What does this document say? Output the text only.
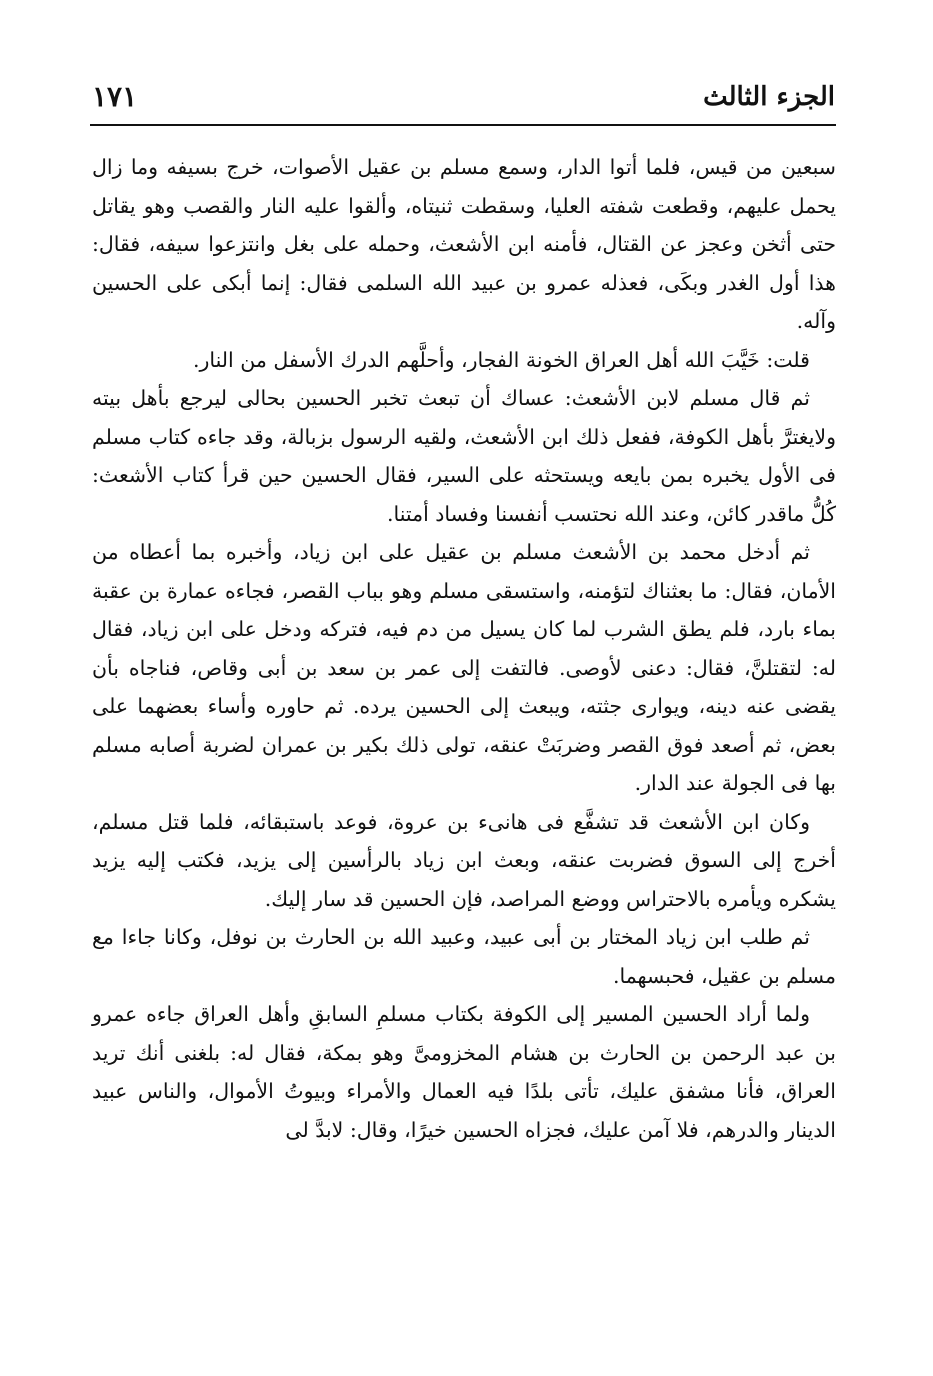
الجزء الثالث
١٧١

سبعين من قيس، فلما أتوا الدار، وسمع مسلم بن عقيل الأصوات، خرج بسيفه وما زال يحمل عليهم، وقطعت شفته العليا، وسقطت ثنيتاه، وألقوا عليه النار والقصب وهو يقاتل حتى أثخن وعجز عن القتال، فأمنه ابن الأشعث، وحمله على بغل وانتزعوا سيفه، فقال: هذا أول الغدر وبكَى، فعذله عمرو بن عبيد الله السلمى فقال: إنما أبكى على الحسين وآله.

قلت: خَيَّبَ الله أهل العراق الخونة الفجار، وأحلَّهم الدرك الأسفل من النار.

ثم قال مسلم لابن الأشعث: عساك أن تبعث تخبر الحسين بحالى ليرجع بأهل بيته ولايغترَّ بأهل الكوفة، ففعل ذلك ابن الأشعث، ولقيه الرسول بزبالة، وقد جاءه كتاب مسلم فى الأول يخبره بمن بايعه ويستحثه على السير، فقال الحسين حين قرأ كتاب الأشعث: كُلُّ ماقدر كائن، وعند الله نحتسب أنفسنا وفساد أمتنا.

ثم أدخل محمد بن الأشعث مسلم بن عقيل على ابن زياد، وأخبره بما أعطاه من الأمان، فقال: ما بعثناك لتؤمنه، واستسقى مسلم وهو بباب القصر، فجاءه عمارة بن عقبة بماء بارد، فلم يطق الشرب لما كان يسيل من دم فيه، فتركه ودخل على ابن زياد، فقال له: لتقتلنَّ، فقال: دعنى لأوصى. فالتفت إلى عمر بن سعد بن أبى وقاص، فناجاه بأن يقضى عنه دينه، ويوارى جثته، ويبعث إلى الحسين يرده. ثم حاوره وأساء بعضهما على بعض، ثم أصعد فوق القصر وضربَتْ عنقه، تولى ذلك بكير بن عمران لضربة أصابه مسلم بها فى الجولة عند الدار.

وكان ابن الأشعث قد تشفَّع فى هانىء بن عروة، فوعد باستبقائه، فلما قتل مسلم، أخرج إلى السوق فضربت عنقه، وبعث ابن زياد بالرأسين إلى يزيد، فكتب إليه يزيد يشكره ويأمره بالاحتراس ووضع المراصد، فإن الحسين قد سار إليك.

ثم طلب ابن زياد المختار بن أبى عبيد، وعبيد الله بن الحارث بن نوفل، وكانا جاءا مع مسلم بن عقيل، فحبسهما.

ولما أراد الحسين المسير إلى الكوفة بكتاب مسلمِ السابقِ وأهل العراق جاءه عمرو بن عبد الرحمن بن الحارث بن هشام المخزومىَّ وهو بمكة، فقال له: بلغنى أنك تريد العراق، فأنا مشفق عليك، تأتى بلدًا فيه العمال والأمراء وبيوتُ الأموال، والناس عبيد الدينار والدرهم، فلا آمن عليك، فجزاه الحسين خيرًا، وقال: لابدَّ لى
